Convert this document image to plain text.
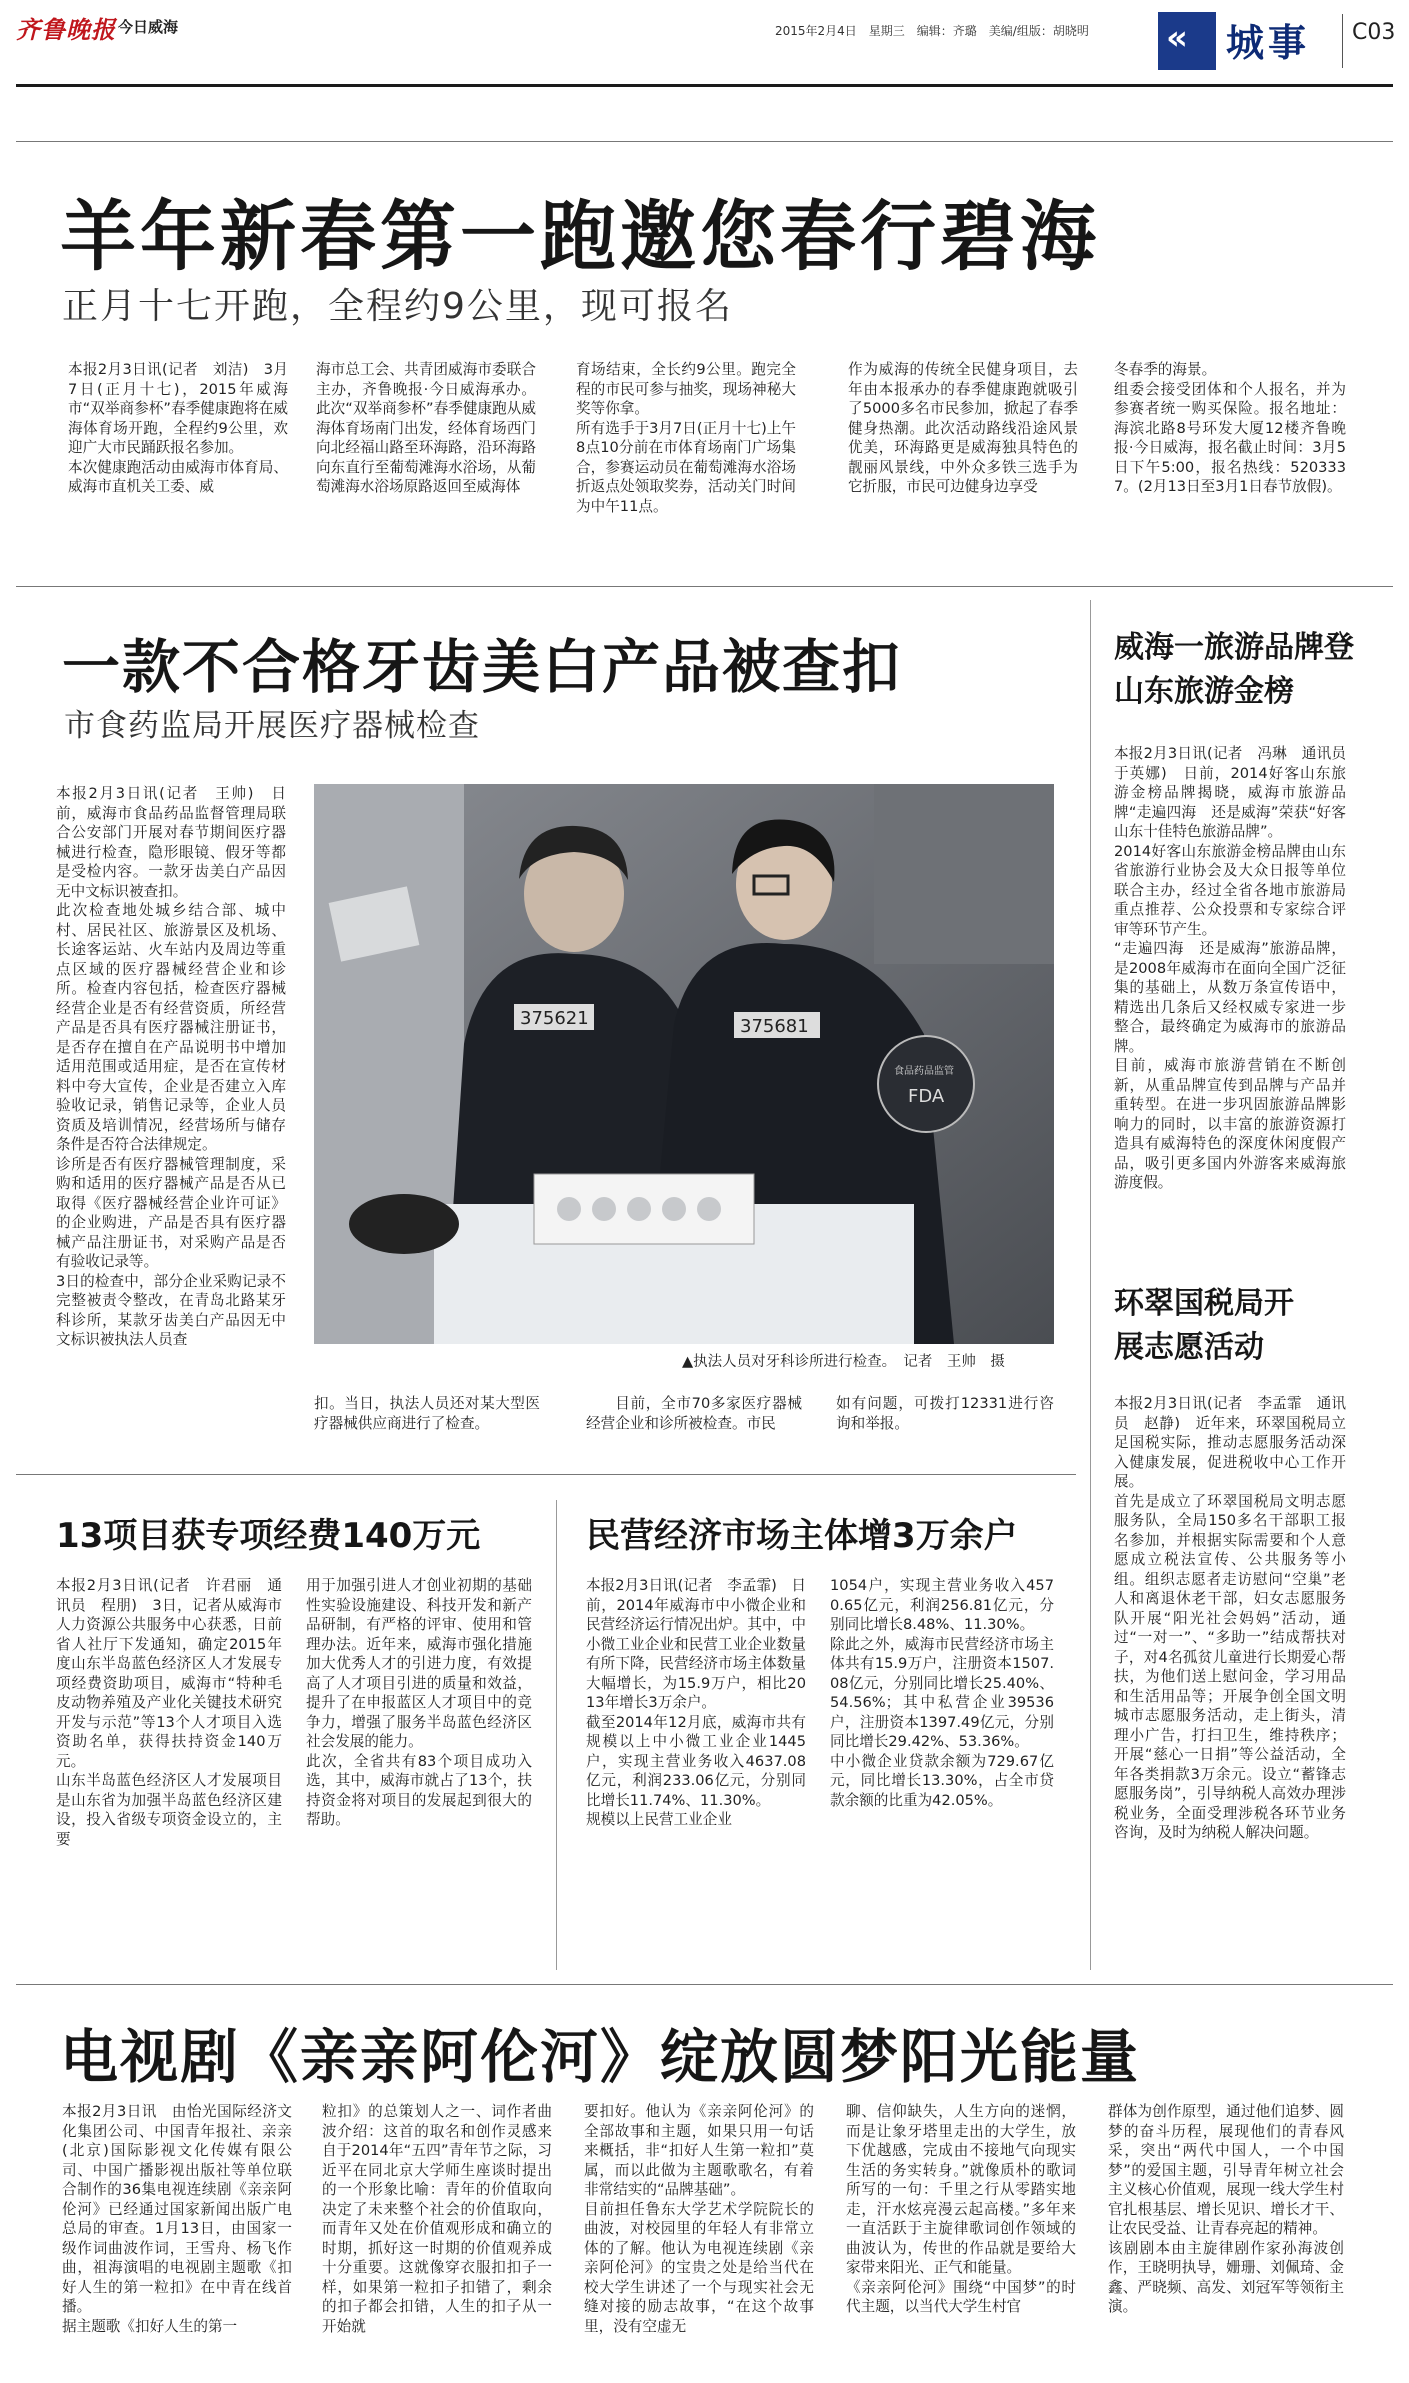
齐鲁晚报 今日威海	2015年2月4日　星期三　编辑：齐璐　美编/组版：胡晓明 « 城事 C03
羊年新春第一跑邀您春行碧海
正月十七开跑，全程约9公里，现可报名
本报2月3日讯(记者　刘洁)　3月7日(正月十七)，2015年威海市“双举商参杯”春季健康跑将在威海体育场开跑，全程约9公里，欢迎广大市民踊跃报名参加。
本次健康跑活动由威海市体育局、威海市直机关工委、威
海市总工会、共青团威海市委联合主办，齐鲁晚报·今日威海承办。此次“双举商参杯”春季健康跑从威海体育场南门出发，经体育场西门向北经福山路至环海路，沿环海路向东直行至葡萄滩海水浴场，从葡萄滩海水浴场原路返回至威海体
育场结束，全长约9公里。跑完全程的市民可参与抽奖，现场神秘大奖等你拿。
所有选手于3月7日(正月十七)上午8点10分前在市体育场南门广场集合，参赛运动员在葡萄滩海水浴场折返点处领取奖券，活动关门时间为中午11点。
作为威海的传统全民健身项目，去年由本报承办的春季健康跑就吸引了5000多名市民参加，掀起了春季健身热潮。此次活动路线沿途风景优美，环海路更是威海独具特色的靓丽风景线，中外众多铁三选手为它折服，市民可边健身边享受
冬春季的海景。
组委会接受团体和个人报名，并为参赛者统一购买保险。报名地址：海滨北路8号环发大厦12楼齐鲁晚报·今日威海，报名截止时间：3月5日下午5:00，报名热线：5203337。(2月13日至3月1日春节放假)。
一款不合格牙齿美白产品被查扣
市食药监局开展医疗器械检查
本报2月3日讯(记者　王帅)　日前，威海市食品药品监督管理局联合公安部门开展对春节期间医疗器械进行检查，隐形眼镜、假牙等都是受检内容。一款牙齿美白产品因无中文标识被查扣。
此次检查地处城乡结合部、城中村、居民社区、旅游景区及机场、长途客运站、火车站内及周边等重点区域的医疗器械经营企业和诊所。检查内容包括，检查医疗器械经营企业是否有经营资质，所经营产品是否具有医疗器械注册证书，是否存在擅自在产品说明书中增加适用范围或适用症，是否在宣传材料中夸大宣传，企业是否建立入库验收记录，销售记录等，企业人员资质及培训情况，经营场所与储存条件是否符合法律规定。
诊所是否有医疗器械管理制度，采购和适用的医疗器械产品是否从已取得《医疗器械经营企业许可证》的企业购进，产品是否具有医疗器械产品注册证书，对采购产品是否有验收记录等。
3日的检查中，部分企业采购记录不完整被责令整改，在青岛北路某牙科诊所，某款牙齿美白产品因无中文标识被执法人员查
375621	375681
食品药品监管
FDA
▲执法人员对牙科诊所进行检查。　记者　王帅　摄
扣。当日，执法人员还对某大型医疗器械供应商进行了检查。
目前，全市70多家医疗器械经营企业和诊所被检查。市民
如有问题，可拨打12331进行咨询和举报。
威海一旅游品牌登山东旅游金榜
本报2月3日讯(记者　冯琳　通讯员　于英娜)　日前，2014好客山东旅游金榜品牌揭晓，威海市旅游品牌“走遍四海　还是威海”荣获“好客山东十佳特色旅游品牌”。
2014好客山东旅游金榜品牌由山东省旅游行业协会及大众日报等单位联合主办，经过全省各地市旅游局重点推荐、公众投票和专家综合评审等环节产生。
“走遍四海　还是威海”旅游品牌，是2008年威海市在面向全国广泛征集的基础上，从数万条宣传语中，精选出几条后又经权威专家进一步整合，最终确定为威海市的旅游品牌。
目前，威海市旅游营销在不断创新，从重品牌宣传到品牌与产品并重转型。在进一步巩固旅游品牌影响力的同时，以丰富的旅游资源打造具有威海特色的深度休闲度假产品，吸引更多国内外游客来威海旅游度假。
环翠国税局开展志愿活动
本报2月3日讯(记者　李孟霏　通讯员　赵静)　近年来，环翠国税局立足国税实际，推动志愿服务活动深入健康发展，促进税收中心工作开展。
首先是成立了环翠国税局文明志愿服务队，全局150多名干部职工报名参加，并根据实际需要和个人意愿成立税法宣传、公共服务等小组。组织志愿者走访慰问“空巢”老人和离退休老干部，妇女志愿服务队开展“阳光社会妈妈”活动，通过“一对一”、“多助一”结成帮扶对子，对4名孤贫儿童进行长期爱心帮扶，为他们送上慰问金，学习用品和生活用品等；开展争创全国文明城市志愿服务活动，走上街头，清理小广告，打扫卫生，维持秩序；开展“慈心一日捐”等公益活动，全年各类捐款3万余元。设立“蓄锋志愿服务岗”，引导纳税人高效办理涉税业务，全面受理涉税各环节业务咨询，及时为纳税人解决问题。
13项目获专项经费140万元
本报2月3日讯(记者　许君丽　通讯员　程朋)　3日，记者从威海市人力资源公共服务中心获悉，日前省人社厅下发通知，确定2015年度山东半岛蓝色经济区人才发展专项经费资助项目，威海市“特种毛皮动物养殖及产业化关键技术研究开发与示范”等13个人才项目入选资助名单，获得扶持资金140万元。
山东半岛蓝色经济区人才发展项目是山东省为加强半岛蓝色经济区建设，投入省级专项资金设立的，主要
用于加强引进人才创业初期的基础性实验设施建设、科技开发和新产品研制，有严格的评审、使用和管理办法。近年来，威海市强化措施加大优秀人才的引进力度，有效提高了人才项目引进的质量和效益，提升了在申报蓝区人才项目中的竞争力，增强了服务半岛蓝色经济区社会发展的能力。
此次，全省共有83个项目成功入选，其中，威海市就占了13个，扶持资金将对项目的发展起到很大的帮助。
民营经济市场主体增3万余户
本报2月3日讯(记者　李孟霏)　日前，2014年威海市中小微企业和民营经济运行情况出炉。其中，中小微工业企业和民营工业企业数量有所下降，民营经济市场主体数量大幅增长，为15.9万户，相比2013年增长3万余户。
截至2014年12月底，威海市共有规模以上中小微工业企业1445户，实现主营业务收入4637.08亿元，利润233.06亿元，分别同比增长11.74%、11.30%。
规模以上民营工业企业
1054户，实现主营业务收入4570.65亿元，利润256.81亿元，分别同比增长8.48%、11.30%。
除此之外，威海市民营经济市场主体共有15.9万户，注册资本1507.08亿元，分别同比增长25.40%、54.56%；其中私营企业39536户，注册资本1397.49亿元，分别同比增长29.42%、53.36%。
中小微企业贷款余额为729.67亿元，同比增长13.30%，占全市贷款余额的比重为42.05%。
电视剧《亲亲阿伦河》绽放圆梦阳光能量
本报2月3日讯　由怡光国际经济文化集团公司、中国青年报社、亲亲(北京)国际影视文化传媒有限公司、中国广播影视出版社等单位联合制作的36集电视连续剧《亲亲阿伦河》已经通过国家新闻出版广电总局的审查。1月13日，由国家一级作词曲波作词，王雪舟、杨飞作曲，祖海演唱的电视剧主题歌《扣好人生的第一粒扣》在中青在线首播。
据主题歌《扣好人生的第一
粒扣》的总策划人之一、词作者曲波介绍：这首的取名和创作灵感来自于2014年“五四”青年节之际，习近平在同北京大学师生座谈时提出的一个形象比喻：青年的价值取向决定了未来整个社会的价值取向，而青年又处在价值观形成和确立的时期，抓好这一时期的价值观养成十分重要。这就像穿衣服扣扣子一样，如果第一粒扣子扣错了，剩余的扣子都会扣错，人生的扣子从一开始就
要扣好。他认为《亲亲阿伦河》的全部故事和主题，如果只用一句话来概括，非“扣好人生第一粒扣”莫属，而以此做为主题歌歌名，有着非常结实的“品牌基础”。
目前担任鲁东大学艺术学院院长的曲波，对校园里的年轻人有非常立体的了解。他认为电视连续剧《亲亲阿伦河》的宝贵之处是给当代在校大学生讲述了一个与现实社会无缝对接的励志故事，“在这个故事里，没有空虚无
聊、信仰缺失，人生方向的迷惘，而是让象牙塔里走出的大学生，放下优越感，完成由不接地气向现实生活的务实转身。”就像质朴的歌词所写的一句：千里之行从零踏实地走，汗水炫亮漫云起高楼。”多年来一直活跃于主旋律歌词创作领域的曲波认为，传世的作品就是要给大家带来阳光、正气和能量。
《亲亲阿伦河》围绕“中国梦”的时代主题，以当代大学生村官
群体为创作原型，通过他们追梦、圆梦的奋斗历程，展现他们的青春风采，突出“两代中国人，一个中国梦”的爱国主题，引导青年树立社会主义核心价值观，展现一线大学生村官扎根基层、增长见识、增长才干、让农民受益、让青春亮起的精神。
该剧剧本由主旋律剧作家孙海波创作，王晓明执导，姗珊、刘佩琦、金鑫、严晓频、高发、刘冠军等领衔主演。
